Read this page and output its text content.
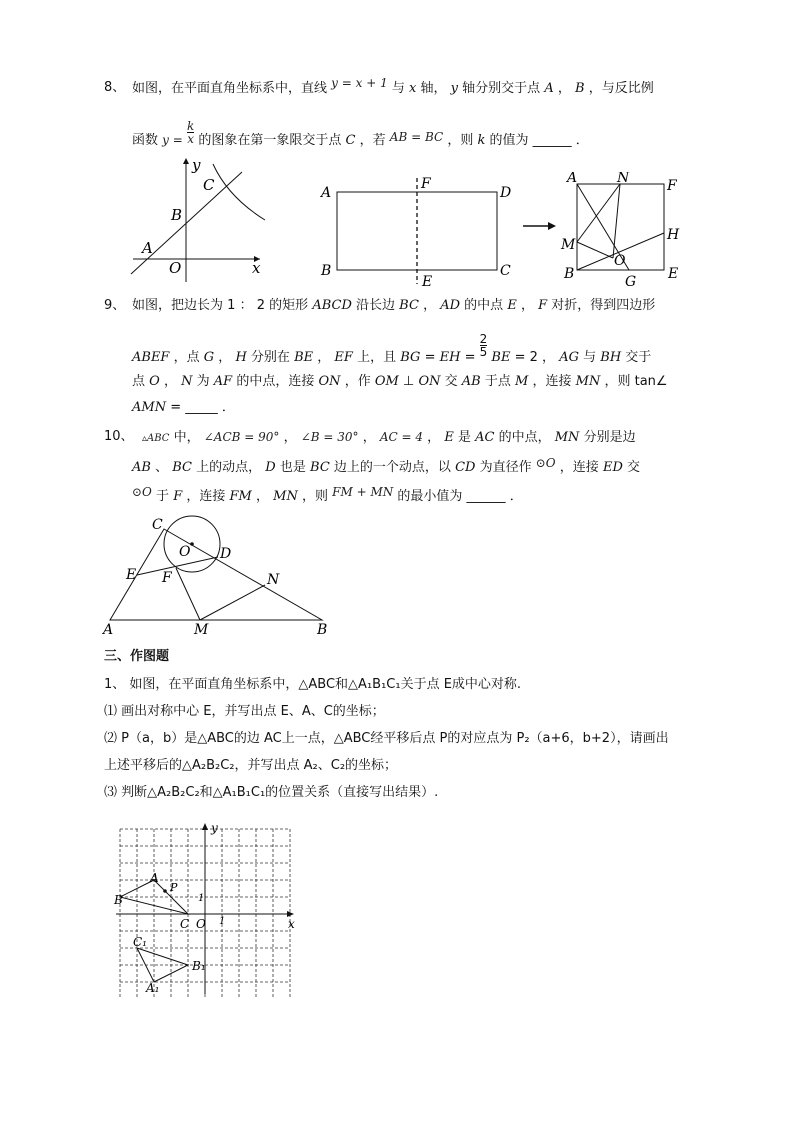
8、 如图，在平面直角坐标系中，直线 y = x + 1 与 x 轴， y 轴分别交于点 A ， B ，与反比例
函数 $y = \frac{k}{x}$ 的图象在第一象限交于点 C ，若 AB = BC ，则 k 的值为 ______ ．
y
x
C
B
A
O
A
F
D
B
E
C
A	N	F
H
M
O
B	G E
9、 如图，把边长为 1 ： 2 的矩形 ABCD 沿长边 BC ， AD 的中点 E ， F 对折，得到四边形
ABEF ，点 G ， H 分别在 BE ， EF 上，且 BG = EH = $\frac{2}{5}$ BE = 2 ， AG 与 BH 交于
点 O ， N 为 AF 的中点，连接 ON ，作 OM ⊥ ON 交 AB 于点 M ，连接 MN ，则 tan∠
AMN = _____ ．
10、 ▵ABC 中， ∠ACB = 90° ， ∠B = 30° ， AC = 4 ， E 是 AC 的中点， MN 分别是边
AB 、 BC 上的动点， D 也是 BC 边上的一个动点，以 CD 为直径作 ⊙O ，连接 ED 交
⊙O 于 F ，连接 FM ， MN ，则 FM + MN 的最小值为 ______ ．
C
O D
E F	N
A	M	B
三、作图题
1、 如图，在平面直角坐标系中，△ABC和△A₁B₁C₁关于点 E成中心对称.
⑴ 画出对称中心 E，并写出点 E、A、C的坐标；
⑵ P（a，b）是△ABC的边 AC上一点，△ABC经平移后点 P的对应点为 P₂（a+6，b+2），请画出
上述平移后的△A₂B₂C₂，并写出点 A₂、C₂的坐标；
⑶ 判断△A₂B₂C₂和△A₁B₁C₁的位置关系（直接写出结果）.
y
x
A
P
B
C O
1
1
C₁
B₁
A₁
